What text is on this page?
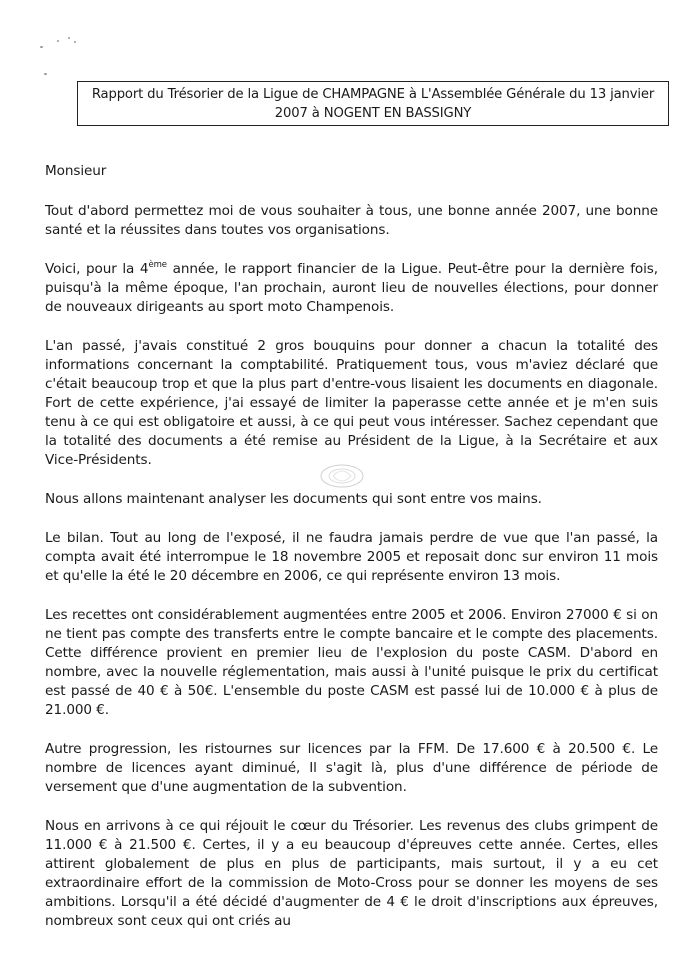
Rapport du Trésorier de la Ligue de CHAMPAGNE à L'Assemblée Générale du 13 janvier
2007 à NOGENT EN BASSIGNY

Monsieur

Tout d'abord permettez moi de vous souhaiter à tous, une bonne année 2007, une bonne santé et la réussites dans toutes vos organisations.

Voici, pour la 4ème année, le rapport financier de la Ligue. Peut-être pour la dernière fois, puisqu'à la même époque, l'an prochain, auront lieu de nouvelles élections, pour donner de nouveaux dirigeants au sport moto Champenois.

L'an passé, j'avais constitué 2 gros bouquins pour donner a chacun la totalité des informations concernant la comptabilité. Pratiquement tous, vous m'aviez déclaré que c'était beaucoup trop et que la plus part d'entre-vous lisaient les documents en diagonale. Fort de cette expérience, j'ai essayé de limiter la paperasse cette année et je m'en suis tenu à ce qui est obligatoire et aussi, à ce qui peut vous intéresser. Sachez cependant que la totalité des documents a été remise au Président de la Ligue, à la Secrétaire et aux Vice-Présidents.

Nous allons maintenant analyser les documents qui sont entre vos mains.

Le bilan. Tout au long de l'exposé, il ne faudra jamais perdre de vue que l'an passé, la compta avait été interrompue le 18 novembre 2005 et reposait donc sur environ 11 mois et qu'elle la été le 20 décembre en 2006, ce qui représente environ 13 mois.

Les recettes ont considérablement augmentées entre 2005 et 2006. Environ 27000 € si on ne tient pas compte des transferts entre le compte bancaire et le compte des placements. Cette différence provient en premier lieu de l'explosion du poste CASM. D'abord en nombre, avec la nouvelle réglementation, mais aussi à l'unité puisque le prix du certificat est passé de 40 € à 50€. L'ensemble du poste CASM est passé lui de 10.000 € à plus de 21.000 €.

Autre progression, les ristournes sur licences par la FFM. De 17.600 € à 20.500 €. Le nombre de licences ayant diminué, Il s'agit là, plus d'une différence de période de versement que d'une augmentation de la subvention.

Nous en arrivons à ce qui réjouit le cœur du Trésorier. Les revenus des clubs grimpent de 11.000 € à 21.500 €. Certes, il y a eu beaucoup d'épreuves cette année. Certes, elles attirent globalement de plus en plus de participants, mais surtout, il y a eu cet extraordinaire effort de la commission de Moto-Cross pour se donner les moyens de ses ambitions. Lorsqu'il a été décidé d'augmenter de 4 € le droit d'inscriptions aux épreuves, nombreux sont ceux qui ont criés au
